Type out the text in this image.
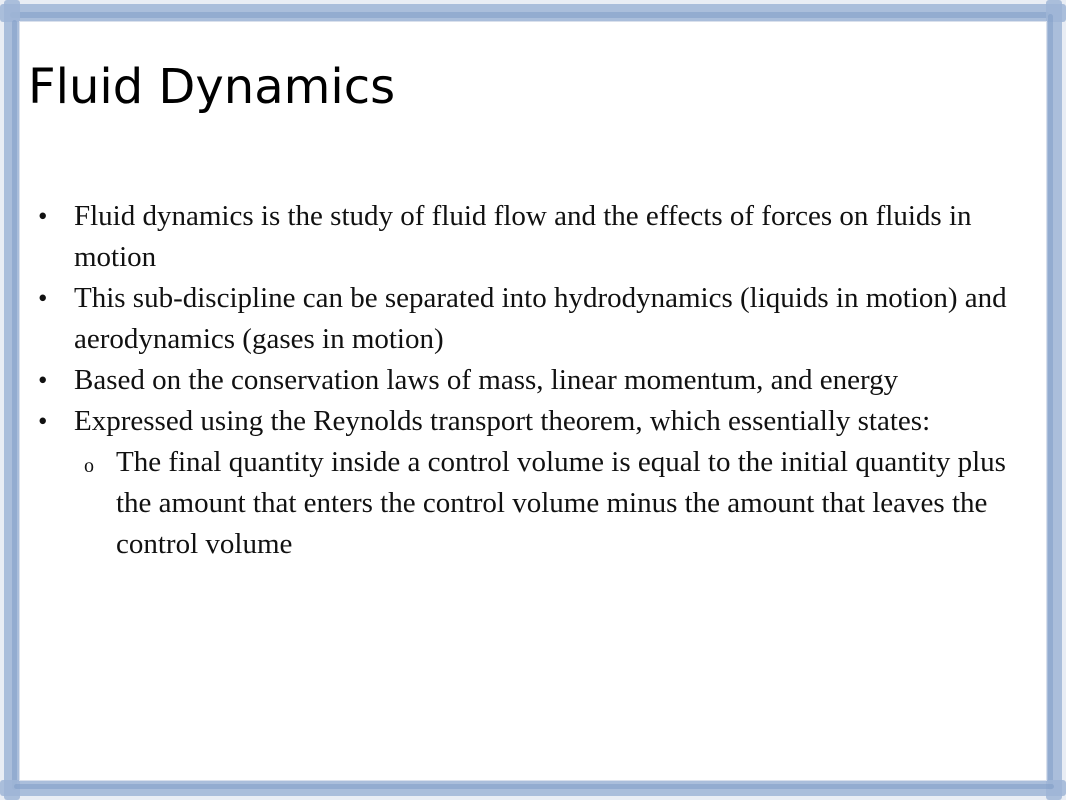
Fluid Dynamics
• Fluid dynamics is the study of fluid flow and the effects of forces on fluids in motion
• This sub-discipline can be separated into hydrodynamics (liquids in motion) and aerodynamics (gases in motion)
• Based on the conservation laws of mass, linear momentum, and energy
• Expressed using the Reynolds transport theorem, which essentially states:
o The final quantity inside a control volume is equal to the initial quantity plus the amount that enters the control volume minus the amount that leaves the control volume
